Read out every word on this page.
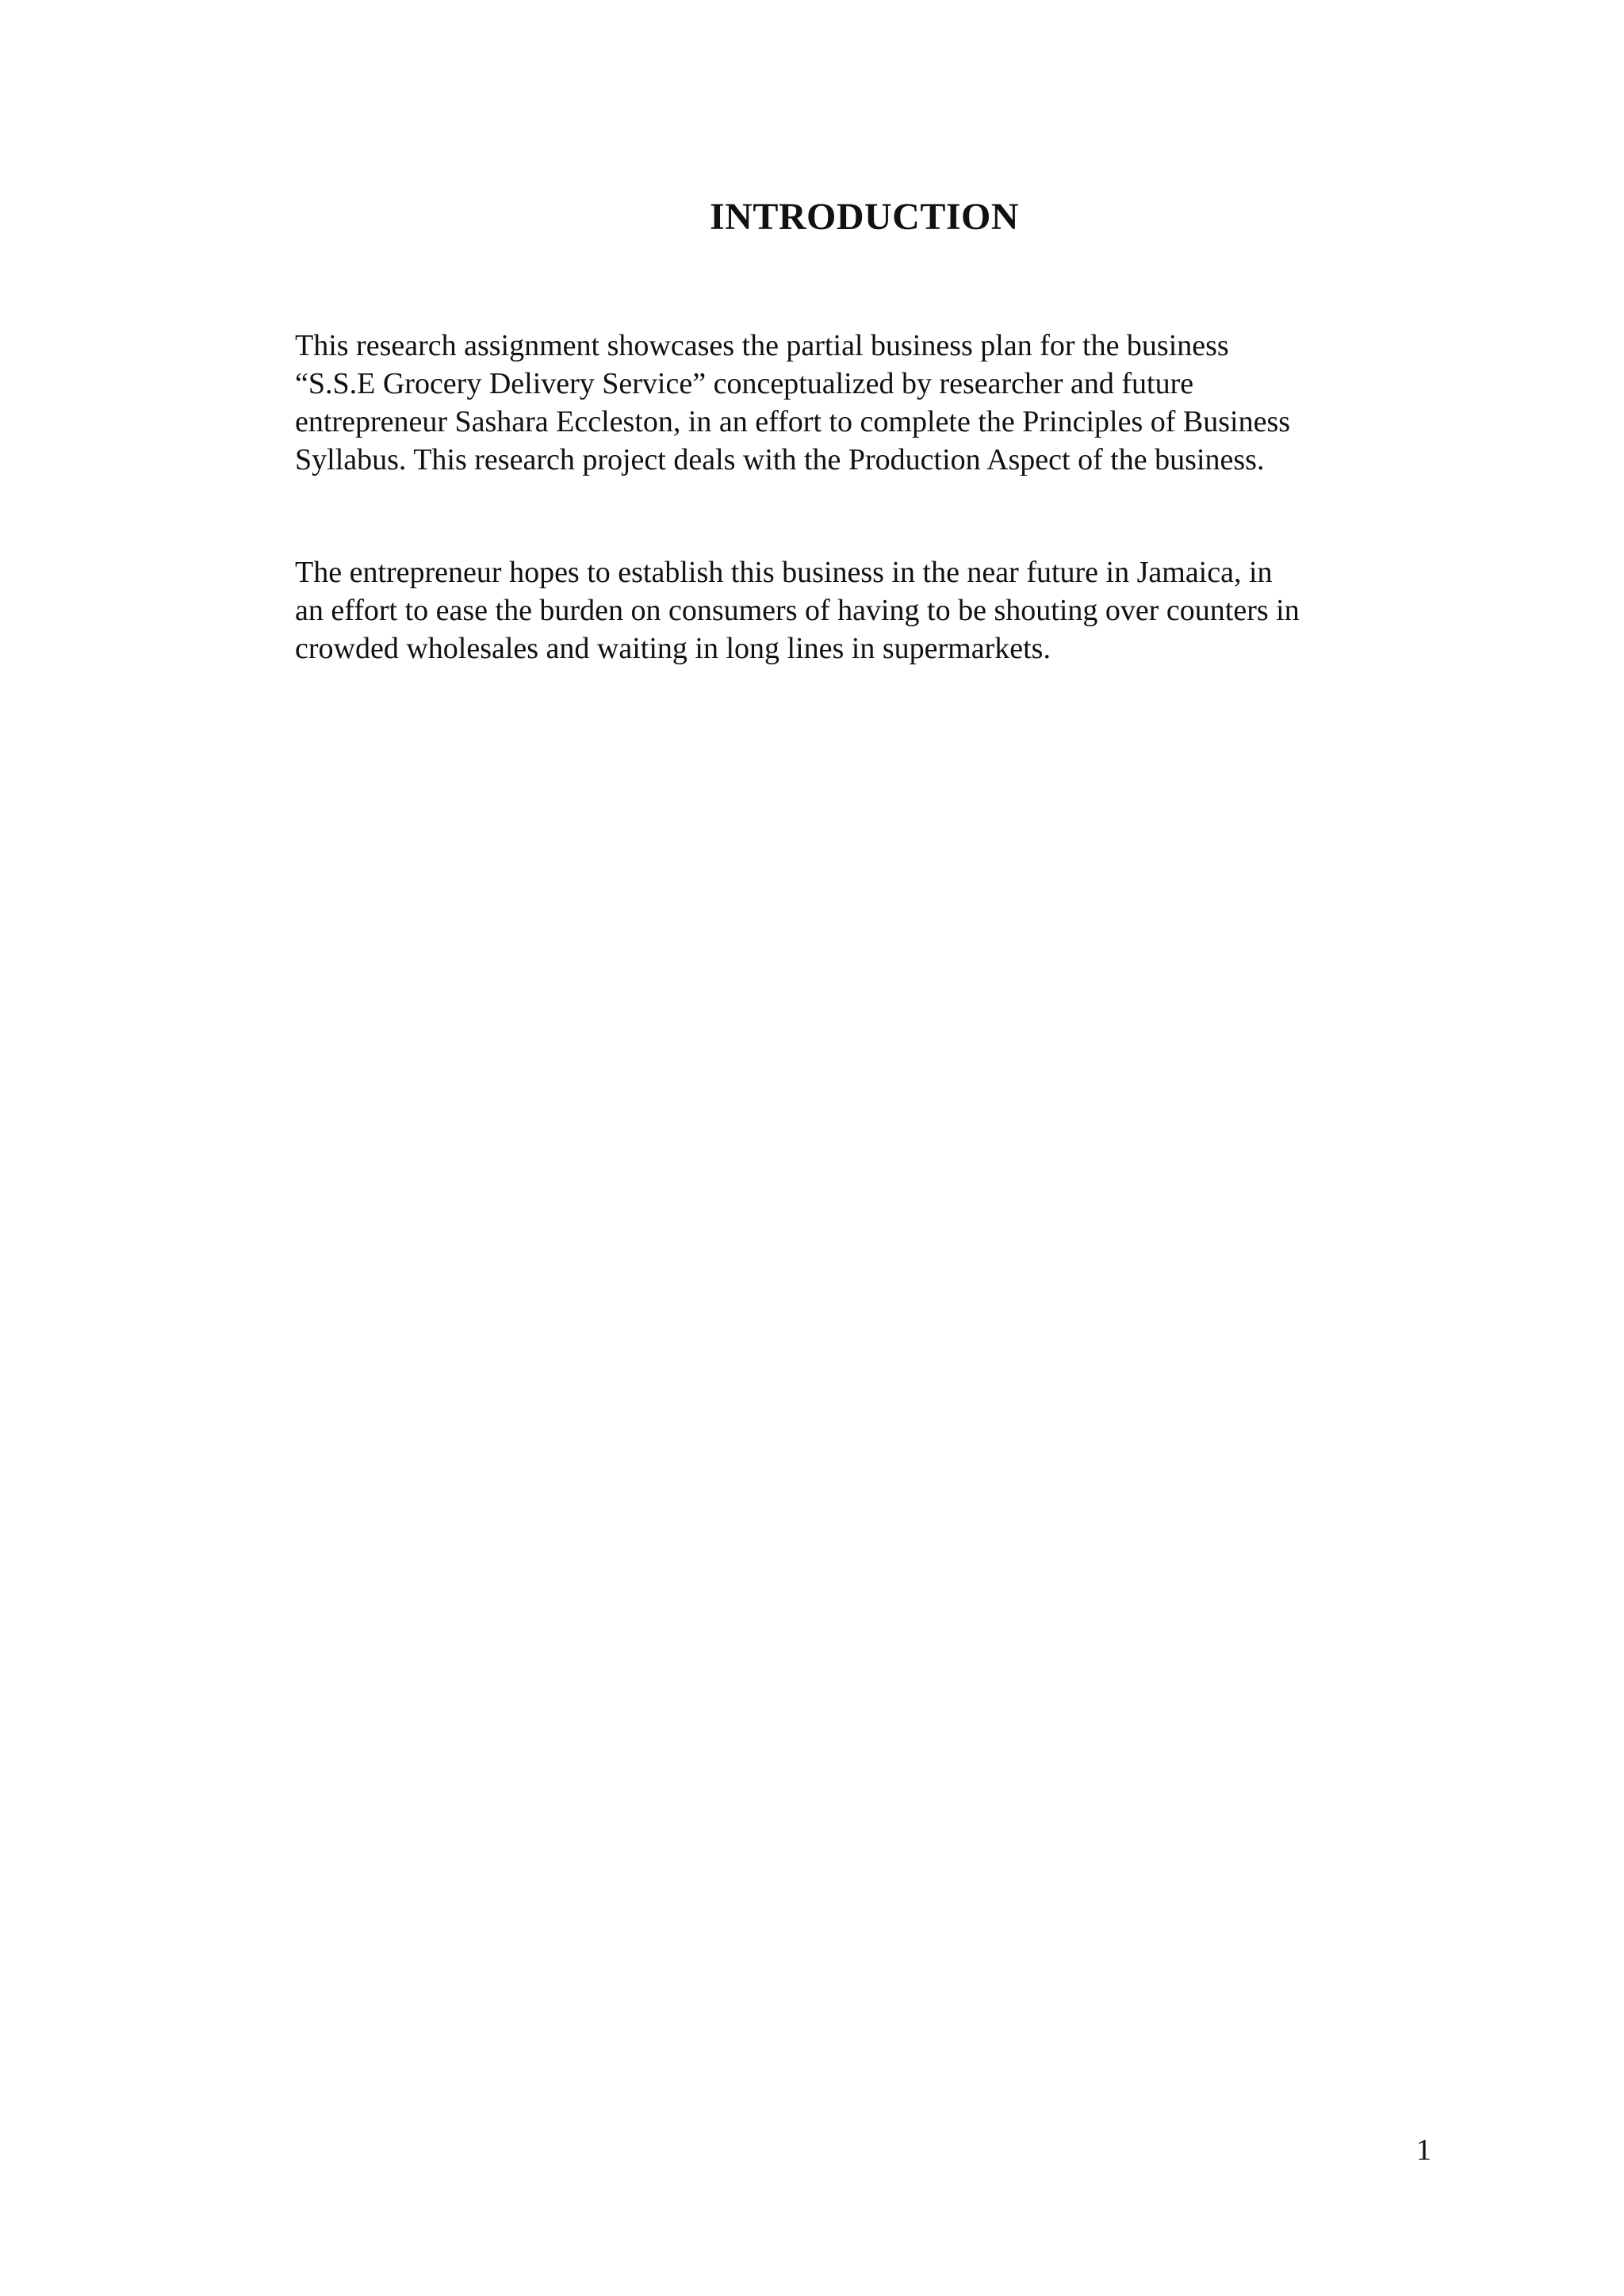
INTRODUCTION

This research assignment showcases the partial business plan for the business
“S.S.E Grocery Delivery Service” conceptualized by researcher and future
entrepreneur Sashara Eccleston, in an effort to complete the Principles of Business
Syllabus. This research project deals with the Production Aspect of the business.

The entrepreneur hopes to establish this business in the near future in Jamaica, in
an effort to ease the burden on consumers of having to be shouting over counters in
crowded wholesales and waiting in long lines in supermarkets.

1
